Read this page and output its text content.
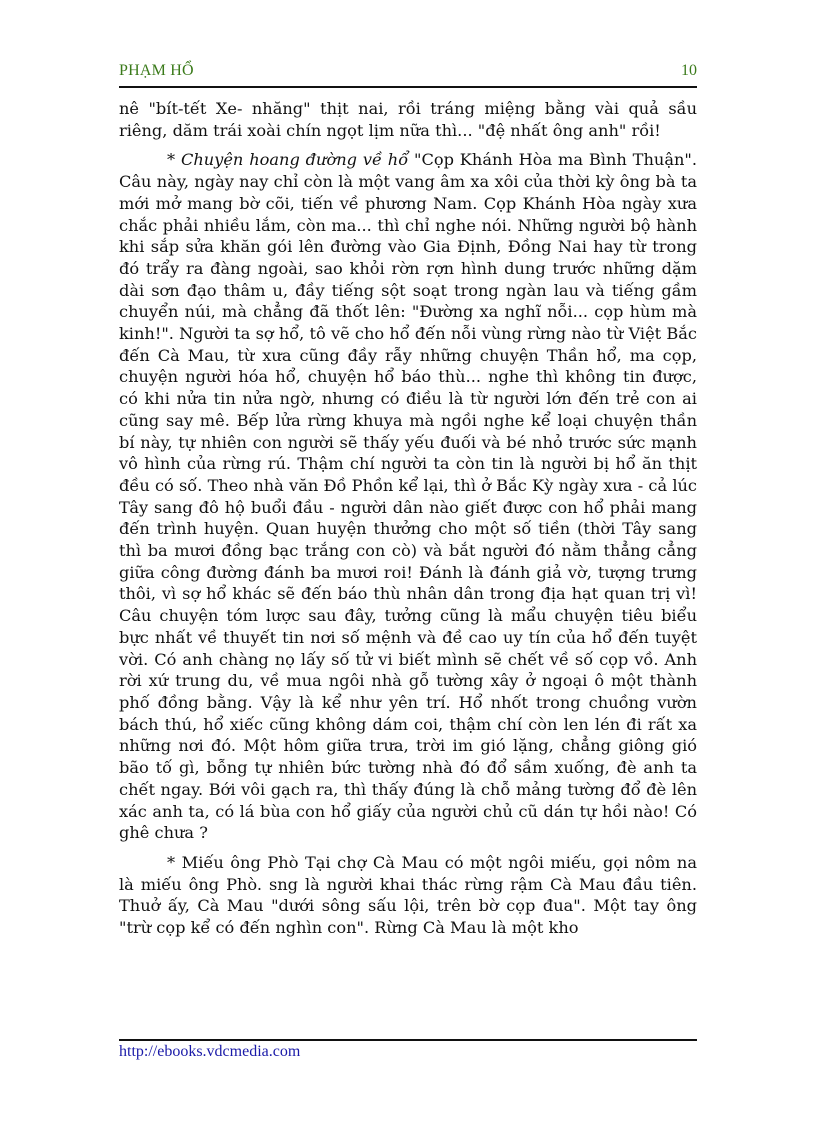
PHẠM HỔ	10

nê "bít-tết Xe- nhăng" thịt nai, rồi tráng miệng bằng vài quả sầu riêng, dăm trái xoài chín ngọt lịm nữa thì... "đệ nhất ông anh" rồi!

* Chuyện hoang đường về hổ "Cọp Khánh Hòa ma Bình Thuận". Câu này, ngày nay chỉ còn là một vang âm xa xôi của thời kỳ ông bà ta mới mở mang bờ cõi, tiến về phương Nam. Cọp Khánh Hòa ngày xưa chắc phải nhiều lắm, còn ma... thì chỉ nghe nói. Những người bộ hành khi sắp sửa khăn gói lên đường vào Gia Định, Đồng Nai hay từ trong đó trẩy ra đàng ngoài, sao khỏi rờn rợn hình dung trước những dặm dài sơn đạo thâm u, đầy tiếng sột soạt trong ngàn lau và tiếng gầm chuyển núi, mà chẳng đã thốt lên: "Đường xa nghĩ nỗi... cọp hùm mà kinh!". Người ta sợ hổ, tô vẽ cho hổ đến nỗi vùng rừng nào từ Việt Bắc đến Cà Mau, từ xưa cũng đầy rẫy những chuyện Thần hổ, ma cọp, chuyện người hóa hổ, chuyện hổ báo thù... nghe thì không tin được, có khi nửa tin nửa ngờ, nhưng có điều là từ người lớn đến trẻ con ai cũng say mê. Bếp lửa rừng khuya mà ngồi nghe kể loại chuyện thần bí này, tự nhiên con người sẽ thấy yếu đuối và bé nhỏ trước sức mạnh vô hình của rừng rú. Thậm chí người ta còn tin là người bị hổ ăn thịt đều có số. Theo nhà văn Đồ Phồn kể lại, thì ở Bắc Kỳ ngày xưa - cả lúc Tây sang đô hộ buổi đầu - người dân nào giết được con hổ phải mang đến trình huyện. Quan huyện thưởng cho một số tiền (thời Tây sang thì ba mươi đồng bạc trắng con cò) và bắt người đó nằm thẳng cẳng giữa công đường đánh ba mươi roi! Đánh là đánh giả vờ, tượng trưng thôi, vì sợ hổ khác sẽ đến báo thù nhân dân trong địa hạt quan trị vì! Câu chuyện tóm lược sau đây, tưởng cũng là mẩu chuyện tiêu biểu bực nhất về thuyết tin nơi số mệnh và đề cao uy tín của hổ đến tuyệt vời. Có anh chàng nọ lấy số tử vi biết mình sẽ chết về số cọp vồ. Anh rời xứ trung du, về mua ngôi nhà gỗ tường xây ở ngoại ô một thành phố đồng bằng. Vậy là kể như yên trí. Hổ nhốt trong chuồng vườn bách thú, hổ xiếc cũng không dám coi, thậm chí còn len lén đi rất xa những nơi đó. Một hôm giữa trưa, trời im gió lặng, chẳng giông gió bão tố gì, bỗng tự nhiên bức tường nhà đó đổ sầm xuống, đè anh ta chết ngay. Bới vôi gạch ra, thì thấy đúng là chỗ mảng tường đổ đè lên xác anh ta, có lá bùa con hổ giấy của người chủ cũ dán tự hồi nào! Có ghê chưa ?

* Miếu ông Phò Tại chợ Cà Mau có một ngôi miếu, gọi nôm na là miếu ông Phò. sng là người khai thác rừng rậm Cà Mau đầu tiên. Thuở ấy, Cà Mau "dưới sông sấu lội, trên bờ cọp đua". Một tay ông "trừ cọp kể có đến nghìn con". Rừng Cà Mau là một kho

http://ebooks.vdcmedia.com
